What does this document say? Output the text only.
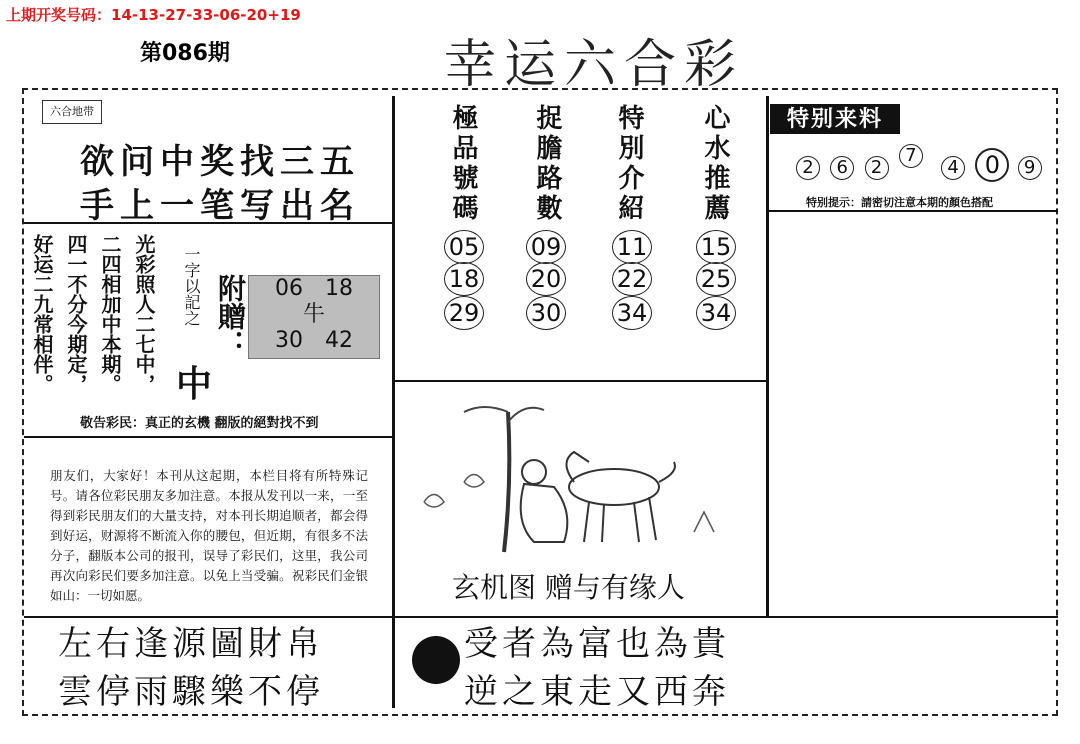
上期开奖号码：14-13-27-33-06-20+19
第086期	幸运六合彩
六合地带
欲问中奖找三五
手上一笔写出名
好运二九常相伴。 四一不分今期定， 二四相加中本期。 光彩照人二七中， 一字以記之 附贈：
中
06　18
牛
30　42
敬告彩民：真正的玄機 翻版的絕對找不到
朋友们，大家好！本刊从这起期，本栏目将有所特殊记号。请各位彩民朋友多加注意。本报从发刊以一来，一至得到彩民朋友们的大量支持，对本刊长期追顺者，都会得到好运，财源将不断流入你的腰包，但近期，有很多不法分子，翻版本公司的报刊，误导了彩民们，这里，我公司再次向彩民们要多加注意。以免上当受骗。祝彩民们金银如山：一切如愿。
左右逢源圖財帛
雲停雨驟樂不停
極品號碼 捉膽路數 特別介紹 心水推薦
05
18
29
09
20
30
11
22
34
15
25
34
特别来料
2 6 2 7 4 0 9
特别提示：請密切注意本期的顏色搭配
玄机图 赠与有缘人
受者為富也為貴
逆之東走又西奔
